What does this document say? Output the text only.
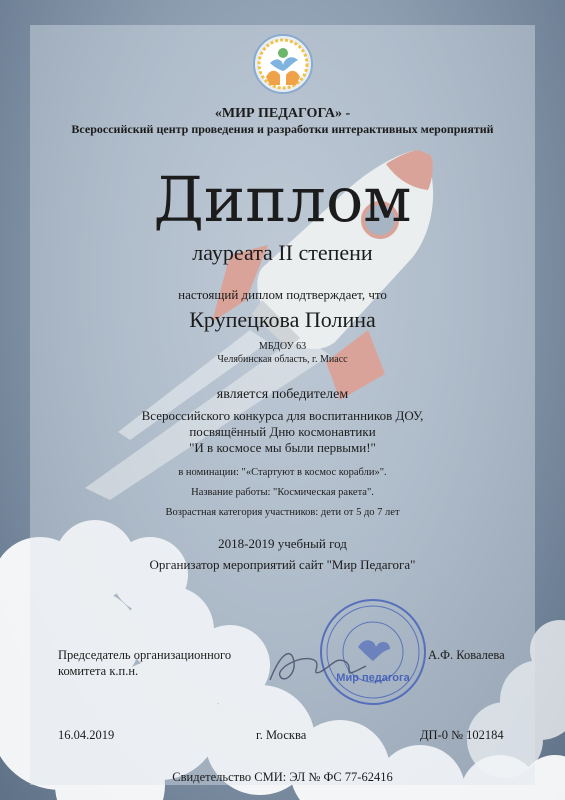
«МИР ПЕДАГОГА» -
Всероссийский центр проведения и разработки интерактивных мероприятий
Диплом
лауреата II степени
настоящий диплом подтверждает, что
Крупецкова Полина
МБДОУ 63
Челябинская область, г. Миасс
является победителем
Всероссийского конкурса для воспитанников ДОУ,
посвящённый Дню космонавтики
"И в космосе мы были первыми!"
в номинации: "«Стартуют в космос корабли»".
Название работы: "Космическая ракета".
Возрастная категория участников: дети от 5 до 7 лет
2018-2019 учебный год
Организатор мероприятий сайт "Мир Педагога"
Мир педагога
Председатель организационного
комитета к.п.н.
А.Ф. Ковалева
16.04.2019	г. Москва	ДП-0 № 102184
Свидетельство СМИ: ЭЛ № ФС 77-62416
